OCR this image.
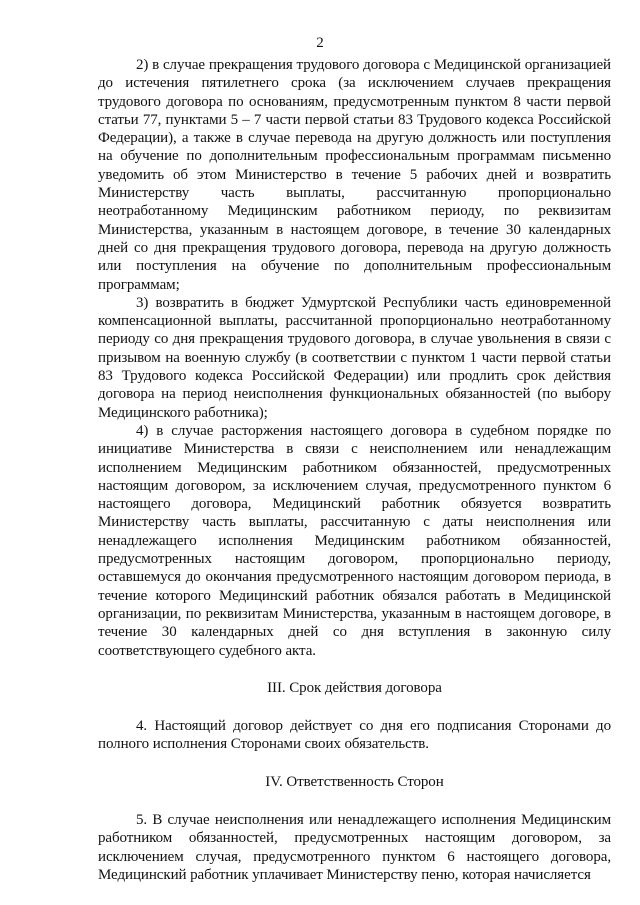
2

2) в случае прекращения трудового договора с Медицинской организацией до истечения пятилетнего срока (за исключением случаев прекращения трудового договора по основаниям, предусмотренным пунктом 8 части первой статьи 77, пунктами 5 – 7 части первой статьи 83 Трудового кодекса Российской Федерации), а также в случае перевода на другую должность или поступления на обучение по дополнительным профессиональным программам письменно уведомить об этом Министерство в течение 5 рабочих дней и возвратить Министерству часть выплаты, рассчитанную пропорционально неотработанному Медицинским работником периоду, по реквизитам Министерства, указанным в настоящем договоре, в течение 30 календарных дней со дня прекращения трудового договора, перевода на другую должность или поступления на обучение по дополнительным профессиональным программам;

3) возвратить в бюджет Удмуртской Республики часть единовременной компенсационной выплаты, рассчитанной пропорционально неотработанному периоду со дня прекращения трудового договора, в случае увольнения в связи с призывом на военную службу (в соответствии с пунктом 1 части первой статьи 83 Трудового кодекса Российской Федерации) или продлить срок действия договора на период неисполнения функциональных обязанностей (по выбору Медицинского работника);

4) в случае расторжения настоящего договора в судебном порядке по инициативе Министерства в связи с неисполнением или ненадлежащим исполнением Медицинским работником обязанностей, предусмотренных настоящим договором, за исключением случая, предусмотренного пунктом 6 настоящего договора, Медицинский работник обязуется возвратить Министерству часть выплаты, рассчитанную с даты неисполнения или ненадлежащего исполнения Медицинским работником обязанностей, предусмотренных настоящим договором, пропорционально периоду, оставшемуся до окончания предусмотренного настоящим договором периода, в течение которого Медицинский работник обязался работать в Медицинской организации, по реквизитам Министерства, указанным в настоящем договоре, в течение 30 календарных дней со дня вступления в законную силу соответствующего судебного акта.

III. Срок действия договора

4. Настоящий договор действует со дня его подписания Сторонами до полного исполнения Сторонами своих обязательств.

IV. Ответственность Сторон

5. В случае неисполнения или ненадлежащего исполнения Медицинским работником обязанностей, предусмотренных настоящим договором, за исключением случая, предусмотренного пунктом 6 настоящего договора, Медицинский работник уплачивает Министерству пеню, которая начисляется
